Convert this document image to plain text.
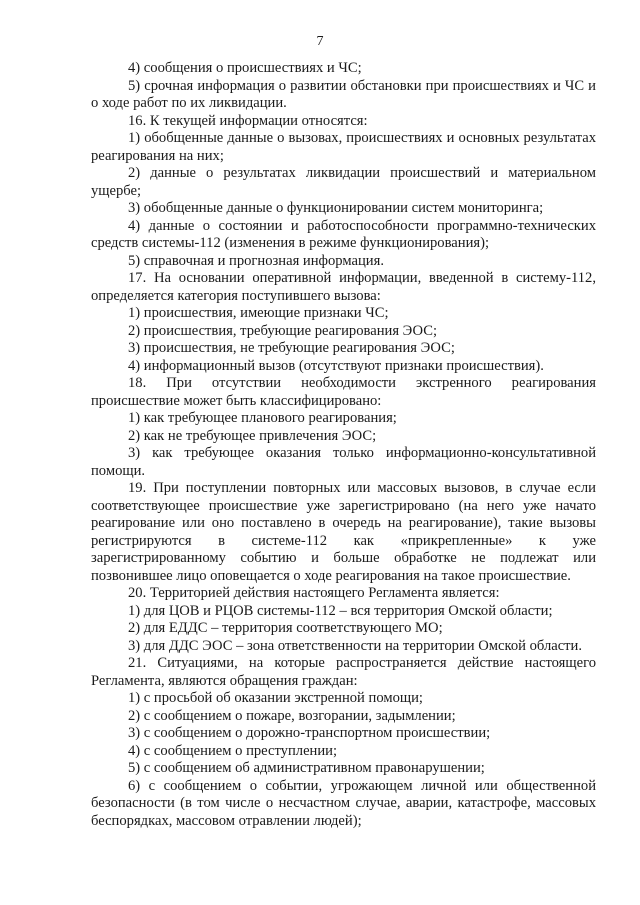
7

4) сообщения о происшествиях и ЧС;

5) срочная информация о развитии обстановки при происшествиях и ЧС и о ходе работ по их ликвидации.

16. К текущей информации относятся:

1) обобщенные данные о вызовах, происшествиях и основных результатах реагирования на них;

2) данные о результатах ликвидации происшествий и материальном ущербе;

3) обобщенные данные о функционировании систем мониторинга;

4) данные о состоянии и работоспособности программно-технических средств системы-112 (изменения в режиме функционирования);

5) справочная и прогнозная информация.

17. На основании оперативной информации, введенной в систему-112, определяется категория поступившего вызова:

1) происшествия, имеющие признаки ЧС;

2) происшествия, требующие реагирования ЭОС;

3) происшествия, не требующие реагирования ЭОС;

4) информационный вызов (отсутствуют признаки происшествия).

18. При отсутствии необходимости экстренного реагирования происшествие может быть классифицировано:

1) как требующее планового реагирования;

2) как не требующее привлечения ЭОС;

3) как требующее оказания только информационно-консультативной помощи.

19. При поступлении повторных или массовых вызовов, в случае если соответствующее происшествие уже зарегистрировано (на него уже начато реагирование или оно поставлено в очередь на реагирование), такие вызовы регистрируются в системе-112 как «прикрепленные» к уже зарегистрированному событию и больше обработке не подлежат или позвонившее лицо оповещается о ходе реагирования на такое происшествие.

20. Территорией действия настоящего Регламента является:

1) для ЦОВ и РЦОВ системы-112 – вся территория Омской области;

2) для ЕДДС – территория соответствующего МО;

3) для ДДС ЭОС – зона ответственности на территории Омской области.

21. Ситуациями, на которые распространяется действие настоящего Регламента, являются обращения граждан:

1) с просьбой об оказании экстренной помощи;

2) с сообщением о пожаре, возгорании, задымлении;

3) с сообщением о дорожно-транспортном происшествии;

4) с сообщением о преступлении;

5) с сообщением об административном правонарушении;

6) с сообщением о событии, угрожающем личной или общественной безопасности (в том числе о несчастном случае, аварии, катастрофе, массовых беспорядках, массовом отравлении людей);
